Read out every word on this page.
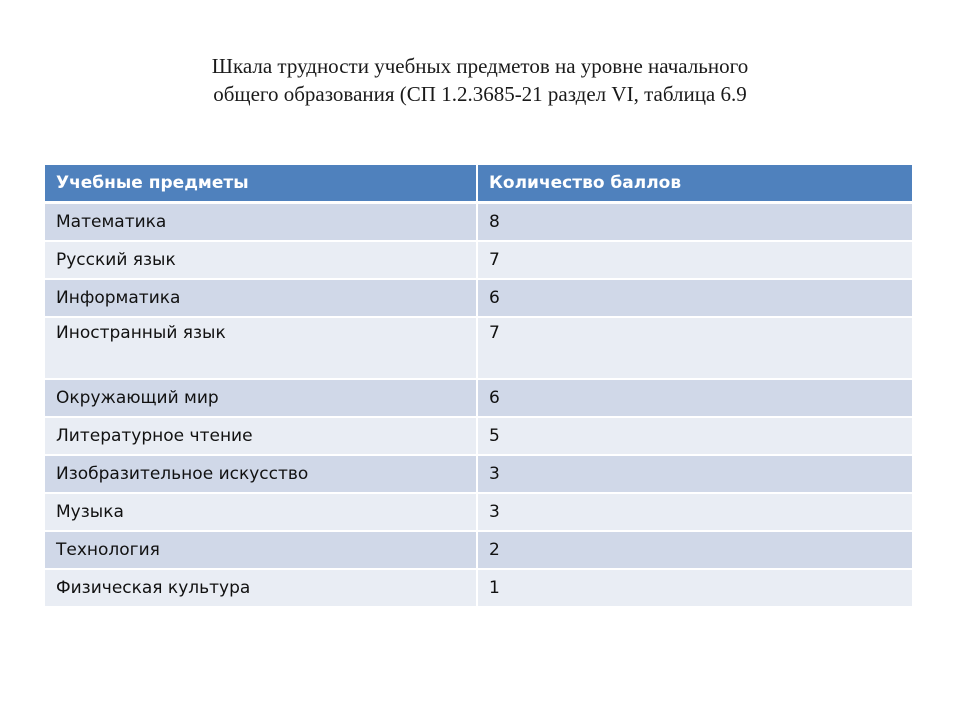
Шкала трудности учебных предметов на уровне начального
общего образования (СП 1.2.3685-21 раздел VI, таблица 6.9
Учебные предметы	Количество баллов
Математика	8
Русский язык	7
Информатика	6
Иностранный язык	7
Окружающий мир	6
Литературное чтение	5
Изобразительное искусство	3
Музыка	3
Технология	2
Физическая культура	1
